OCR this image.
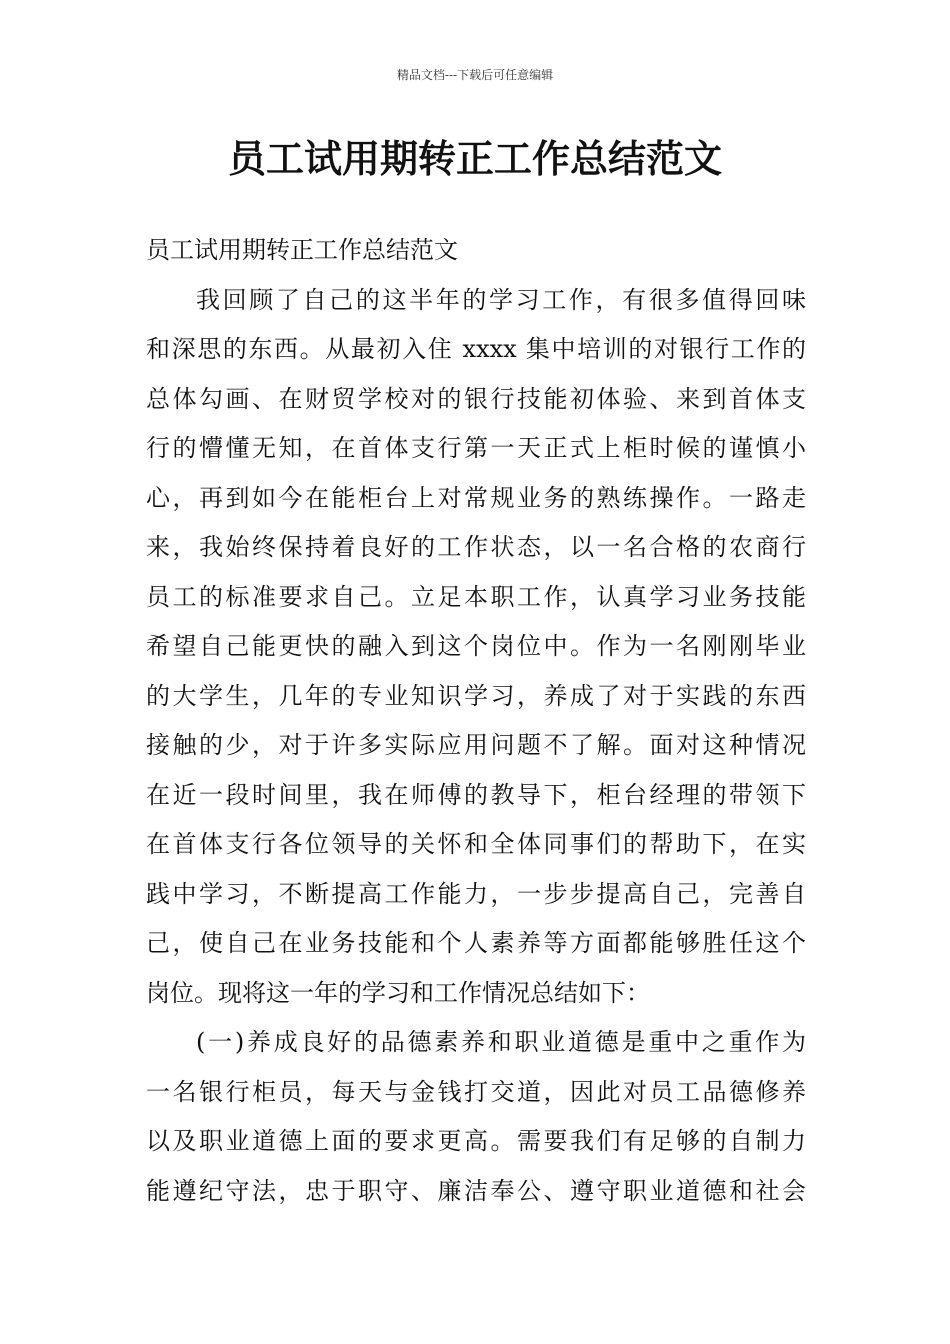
精品文档---下载后可任意编辑
员工试用期转正工作总结范文
员工试用期转正工作总结范文
我回顾了自己的这半年的学习工作，有很多值得回味
和深思的东西。从最初入住 xxxx 集中培训的对银行工作的
总体勾画、在财贸学校对的银行技能初体验、来到首体支
行的懵懂无知，在首体支行第一天正式上柜时候的谨慎小
心，再到如今在能柜台上对常规业务的熟练操作。一路走
来，我始终保持着良好的工作状态，以一名合格的农商行
员工的标准要求自己。立足本职工作，认真学习业务技能
希望自己能更快的融入到这个岗位中。作为一名刚刚毕业
的大学生，几年的专业知识学习，养成了对于实践的东西
接触的少，对于许多实际应用问题不了解。面对这种情况
在近一段时间里，我在师傅的教导下，柜台经理的带领下
在首体支行各位领导的关怀和全体同事们的帮助下，在实
践中学习，不断提高工作能力，一步步提高自己，完善自
己，使自己在业务技能和个人素养等方面都能够胜任这个
岗位。现将这一年的学习和工作情况总结如下：
(一)养成良好的品德素养和职业道德是重中之重作为
一名银行柜员，每天与金钱打交道，因此对员工品德修养
以及职业道德上面的要求更高。需要我们有足够的自制力
能遵纪守法，忠于职守、廉洁奉公、遵守职业道德和社会
